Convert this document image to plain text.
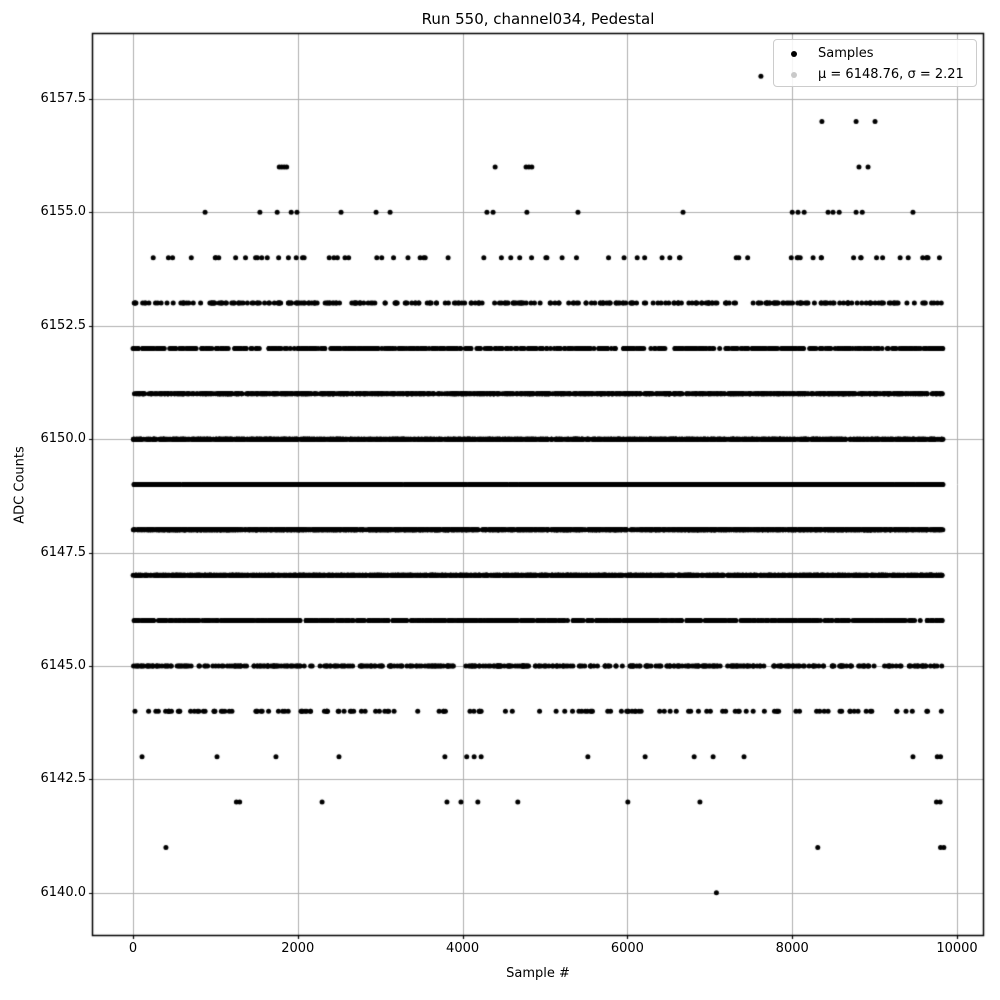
Run 550, channel034, Pedestal
Sample #
ADC Counts
0	2000	4000	6000	8000	10000
6140.0
6142.5
6145.0
6147.5
6150.0
6152.5
6155.0
6157.5
Samples
μ = 6148.76, σ = 2.21
